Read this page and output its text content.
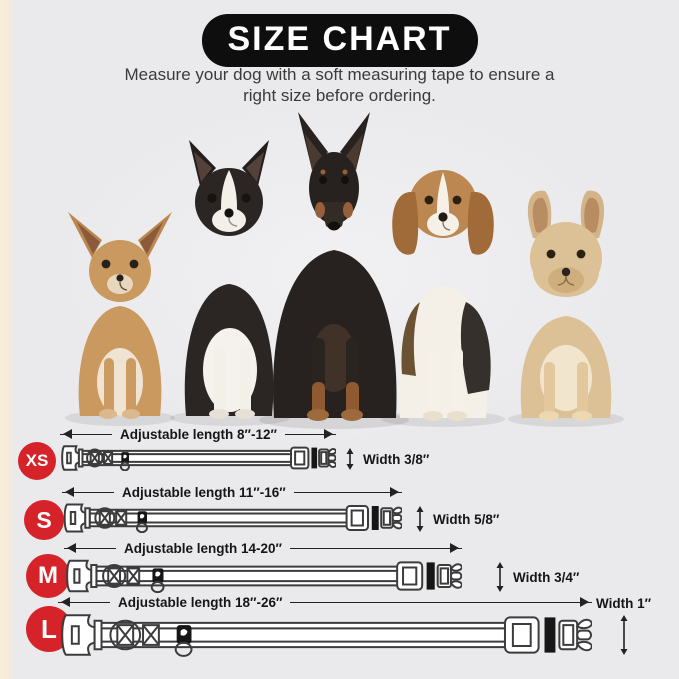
SIZE CHART
Measure your dog with a soft measuring tape to ensure a
right size before ordering.
XS
Adjustable length 8″-12″
Width 3/8″
S
Adjustable length 11″-16″
Width 5/8″
M
Adjustable length 14-20″
Width 3/4″
L
Adjustable length 18″-26″	Width 1″
